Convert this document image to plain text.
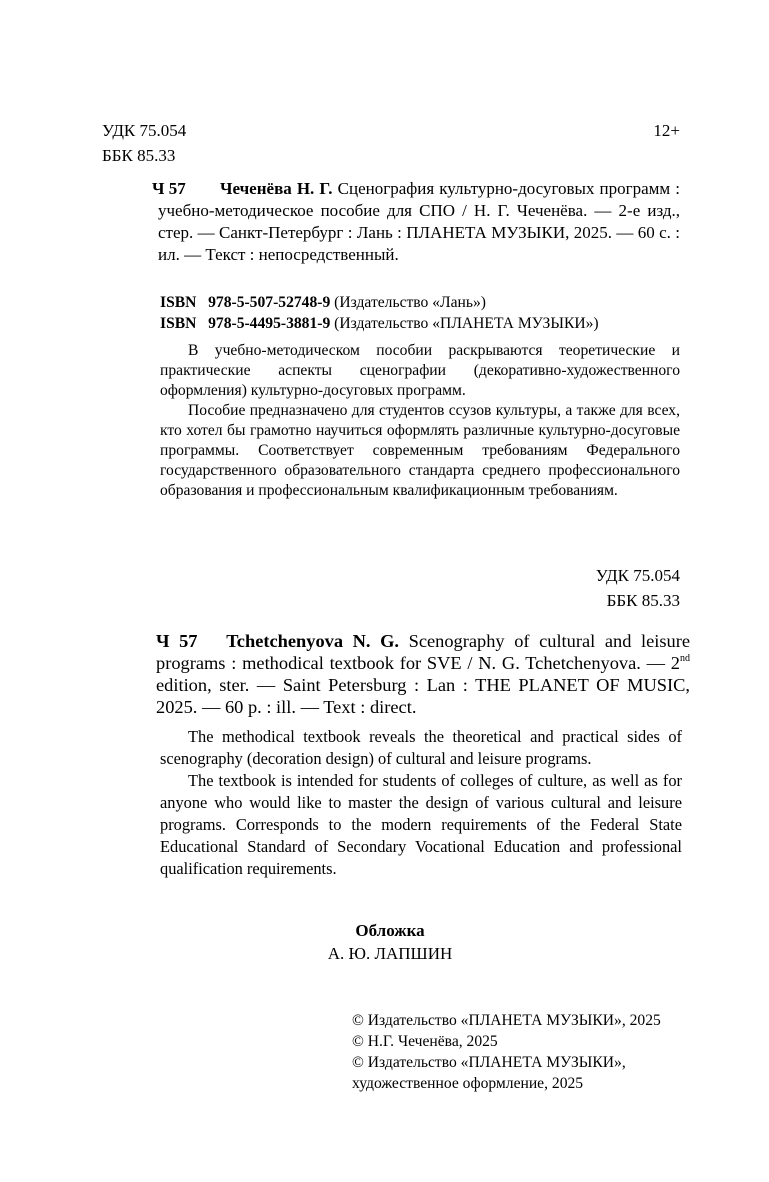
УДК 75.054
ББК 85.33
12+
Ч 57 Чеченёва Н. Г. Сценография культурно-досуговых программ : учебно-методическое пособие для СПО / Н. Г. Чеченёва. — 2-е изд., стер. — Санкт-Петербург : Лань : ПЛАНЕТА МУЗЫКИ, 2025. — 60 с. : ил. — Текст : непосредственный.
ISBN 978-5-507-52748-9 (Издательство «Лань»)
ISBN 978-5-4495-3881-9 (Издательство «ПЛАНЕТА МУЗЫКИ»)
В учебно-методическом пособии раскрываются теоретические и практические аспекты сценографии (декоративно-художественного оформления) культурно-досуговых программ.
Пособие предназначено для студентов ссузов культуры, а также для всех, кто хотел бы грамотно научиться оформлять различные культурно-досуговые программы. Соответствует современным требованиям Федерального государственного образовательного стандарта среднего профессионального образования и профессиональным квалификационным требованиям.
УДК 75.054
ББК 85.33
Ч 57 Tchetchenyova N. G. Scenography of cultural and leisure programs : methodical textbook for SVE / N. G. Tchetchenyova. — 2nd edition, ster. — Saint Petersburg : Lan : THE PLANET OF MUSIC, 2025. — 60 p. : ill. — Text : direct.
The methodical textbook reveals the theoretical and practical sides of scenography (decoration design) of cultural and leisure programs.
The textbook is intended for students of colleges of culture, as well as for anyone who would like to master the design of various cultural and leisure programs. Corresponds to the modern requirements of the Federal State Educational Standard of Secondary Vocational Education and professional qualification requirements.
Обложка
А. Ю. ЛАПШИН
© Издательство «ПЛАНЕТА МУЗЫКИ», 2025
© Н.Г. Чеченёва, 2025
© Издательство «ПЛАНЕТА МУЗЫКИ»,
художественное оформление, 2025
